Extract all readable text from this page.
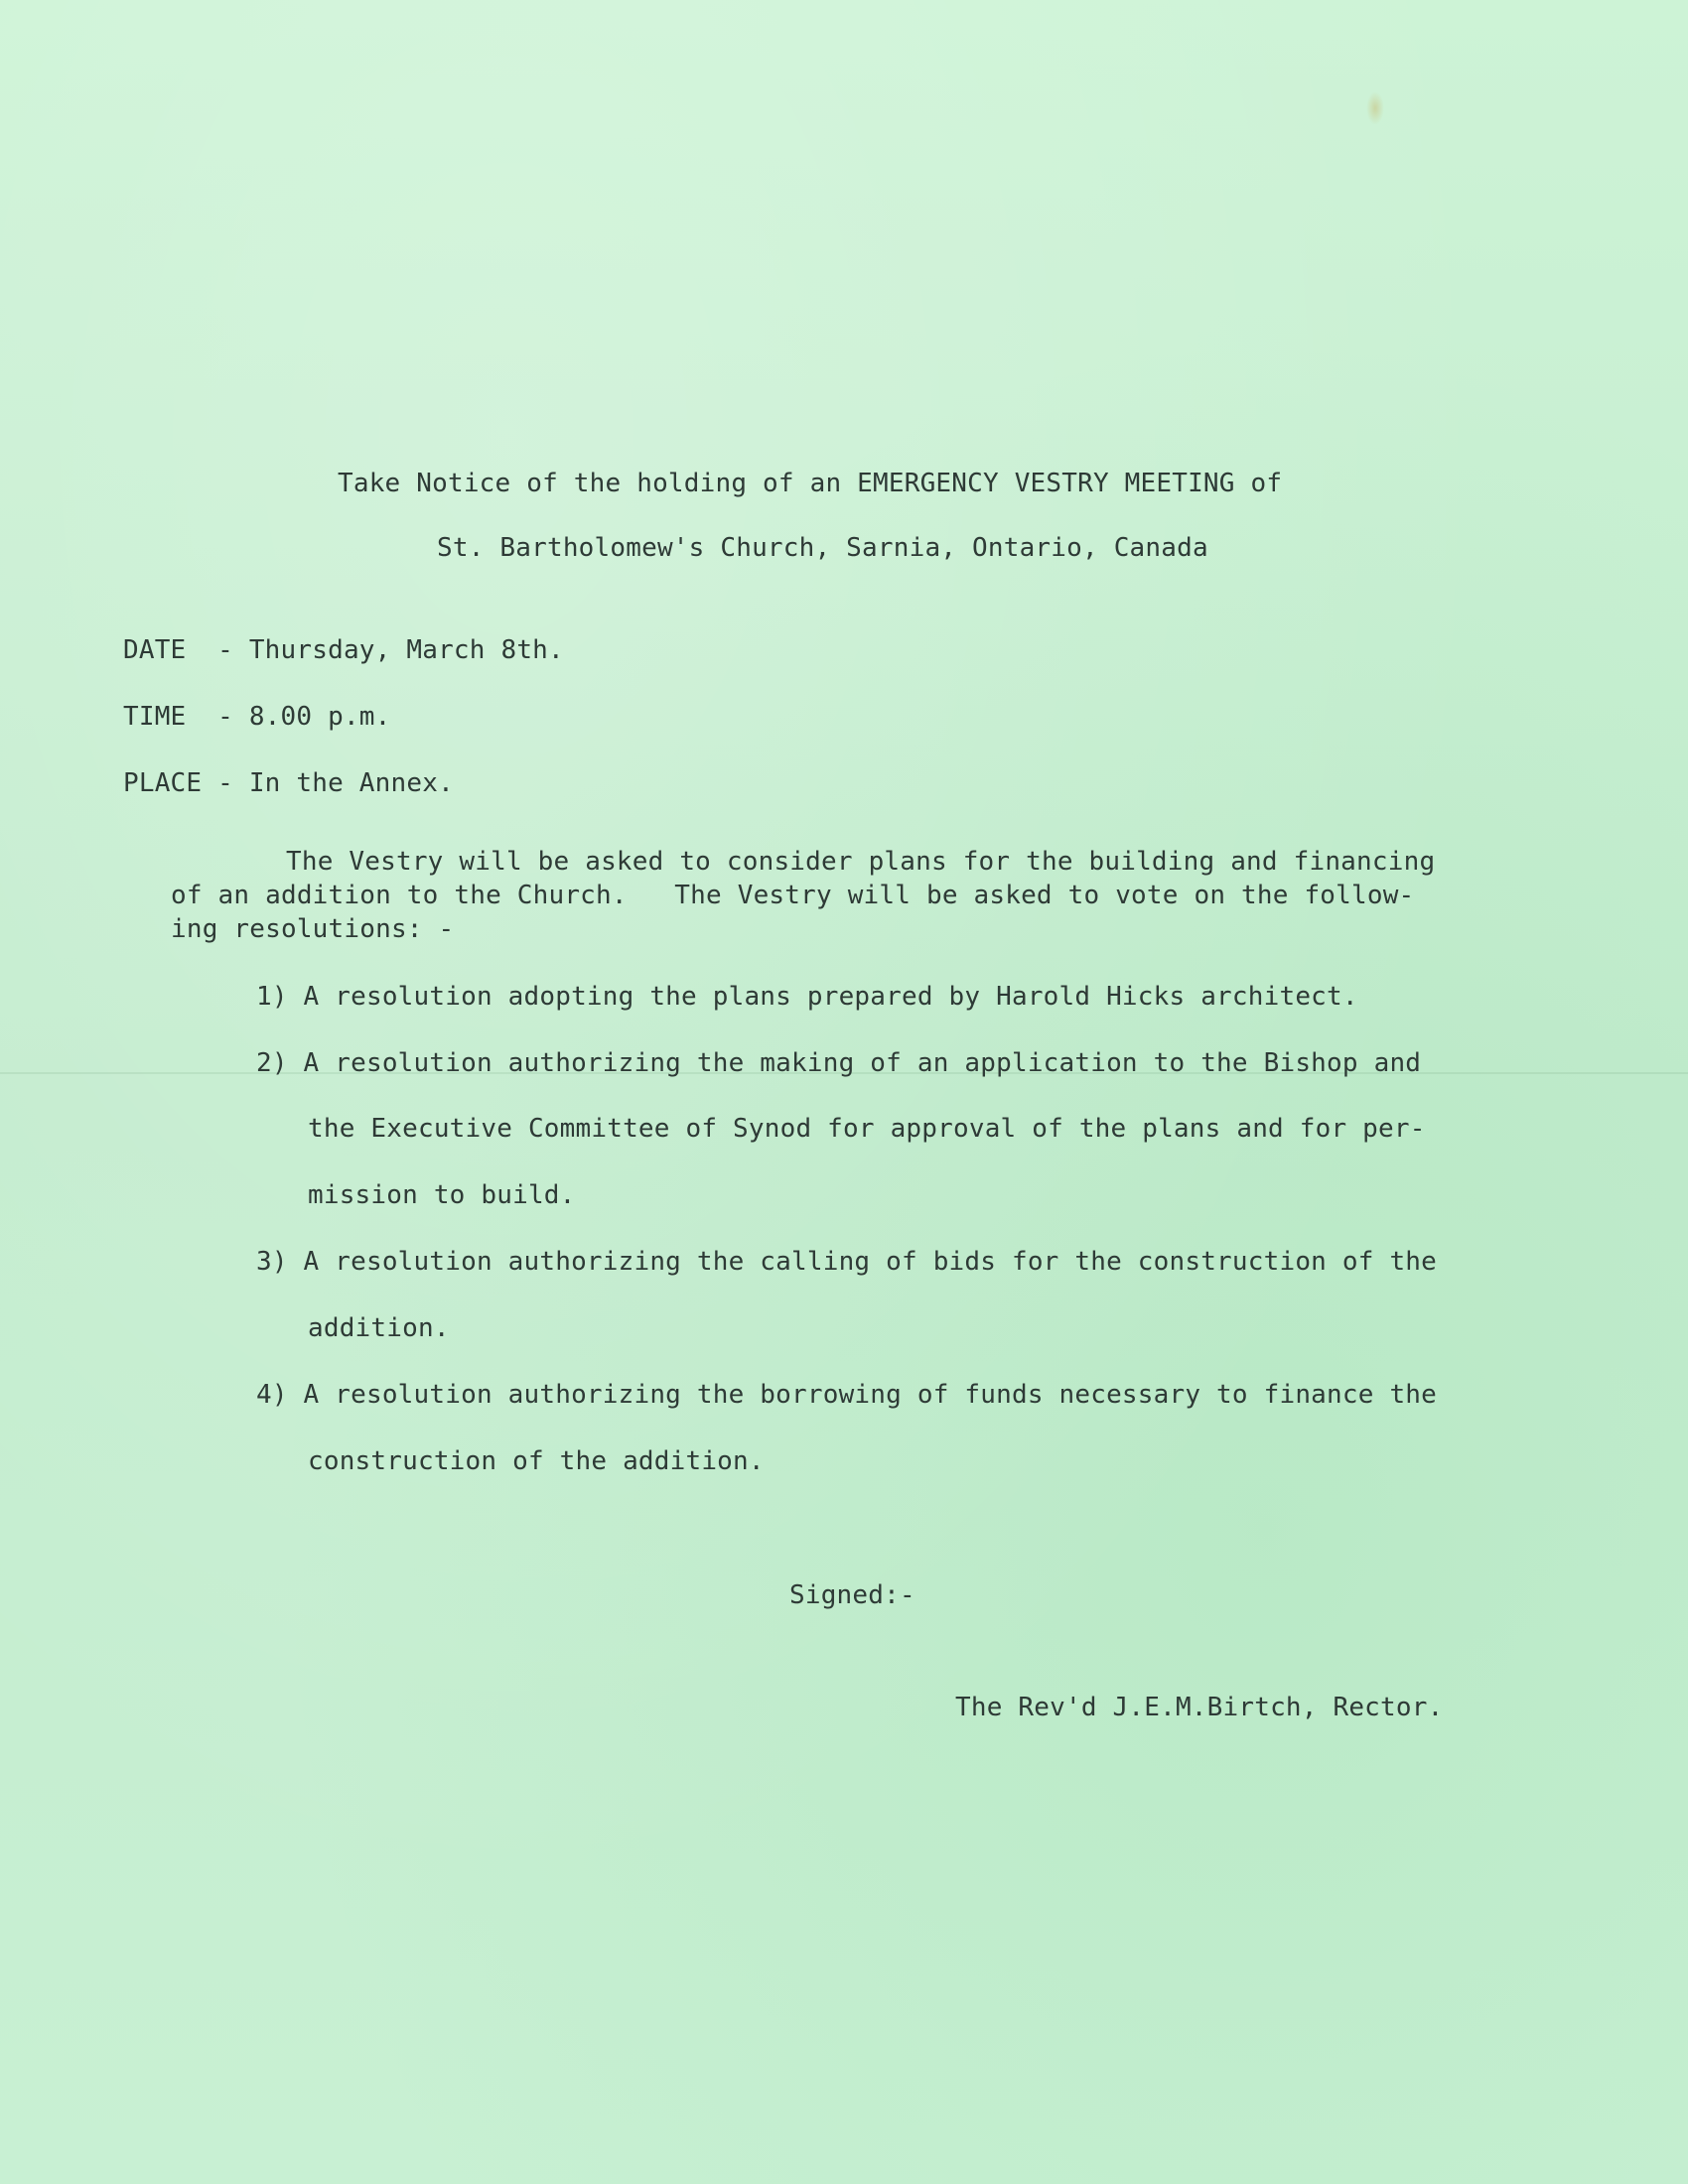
Take Notice of the holding of an EMERGENCY VESTRY MEETING of
St. Bartholomew's Church, Sarnia, Ontario, Canada
DATE  - Thursday, March 8th.
TIME  - 8.00 p.m.
PLACE - In the Annex.
The Vestry will be asked to consider plans for the building and financing
of an addition to the Church.   The Vestry will be asked to vote on the follow-
ing resolutions: -
1) A resolution adopting the plans prepared by Harold Hicks architect.
2) A resolution authorizing the making of an application to the Bishop and
the Executive Committee of Synod for approval of the plans and for per-
mission to build.
3) A resolution authorizing the calling of bids for the construction of the
addition.
4) A resolution authorizing the borrowing of funds necessary to finance the
construction of the addition.
Signed:-
The Rev'd J.E.M.Birtch, Rector.
